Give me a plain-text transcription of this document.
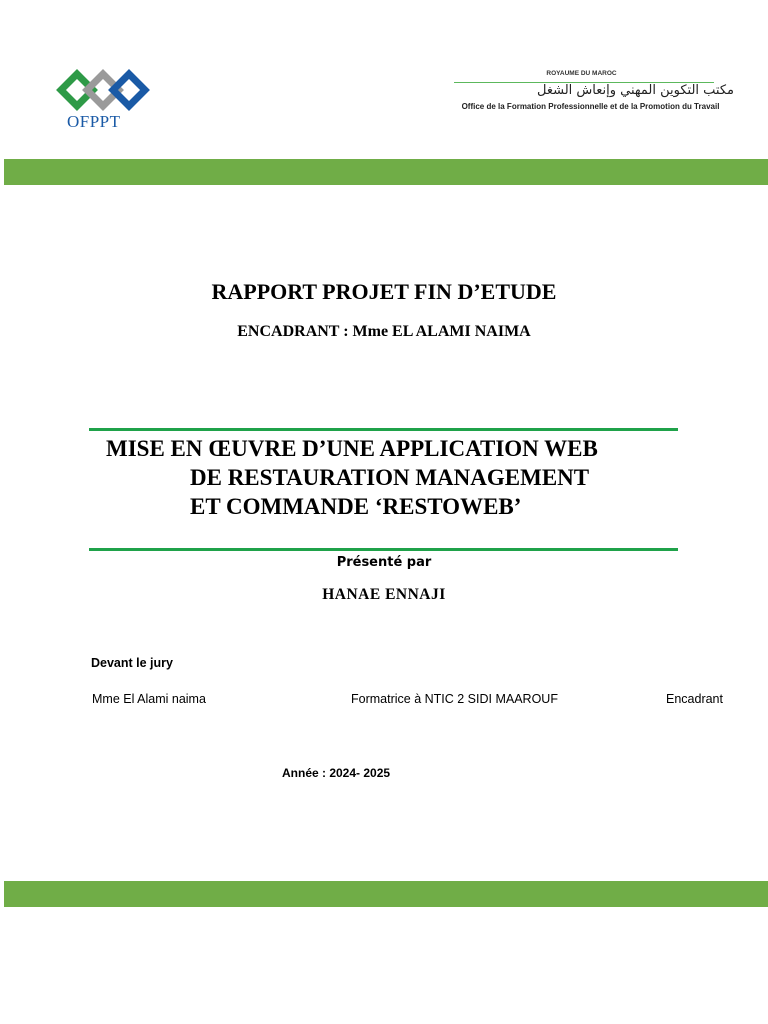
OFPPT
ROYAUME DU MAROC
مكتب التكوين المهني وإنعاش الشغل
Office de la Formation Professionnelle et de la Promotion du Travail
RAPPORT PROJET FIN D’ETUDE
ENCADRANT : Mme EL ALAMI NAIMA
MISE EN ŒUVRE D’UNE APPLICATION WEB
DE RESTAURATION MANAGEMENT
ET COMMANDE ‘RESTOWEB’
Présenté par
HANAE ENNAJI
Devant le jury
Mme El Alami naima	Formatrice à NTIC 2 SIDI MAAROUF	Encadrant
Année : 2024- 2025
